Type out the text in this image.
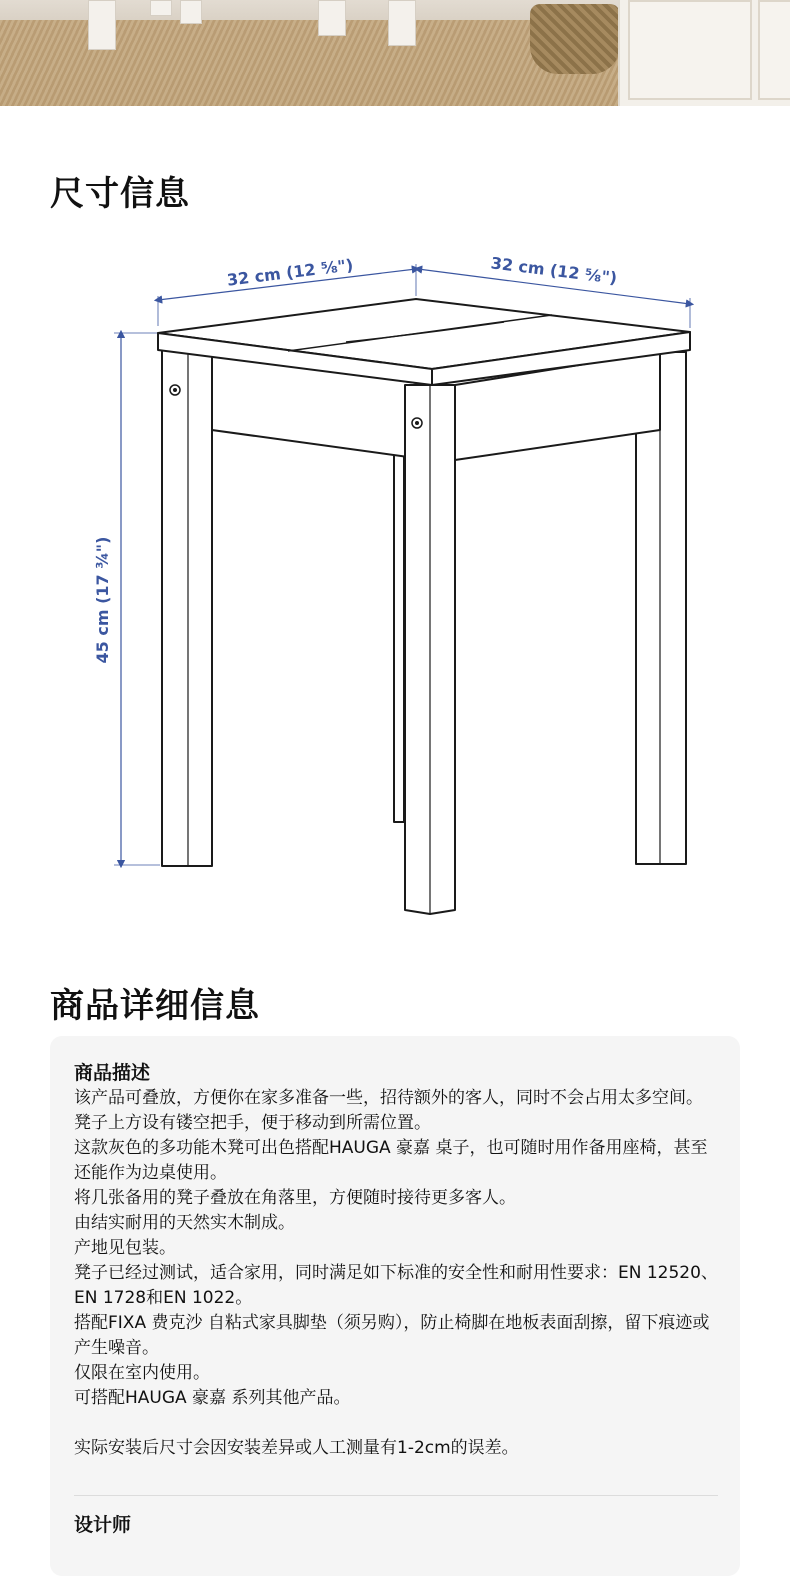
尺寸信息
32 cm (12 ⅝")	32 cm (12 ⅝")
45 cm (17 ¾")
商品详细信息
商品描述

该产品可叠放，方便你在家多准备一些，招待额外的客人，同时不会占用太多空间。

凳子上方设有镂空把手，便于移动到所需位置。

这款灰色的多功能木凳可出色搭配HAUGA 豪嘉 桌子，也可随时用作备用座椅，甚至还能作为边桌使用。

将几张备用的凳子叠放在角落里，方便随时接待更多客人。

由结实耐用的天然实木制成。

产地见包装。

凳子已经过测试，适合家用，同时满足如下标准的安全性和耐用性要求：EN 12520、EN 1728和EN 1022。

搭配FIXA 费克沙 自粘式家具脚垫（须另购），防止椅脚在地板表面刮擦，留下痕迹或产生噪音。

仅限在室内使用。

可搭配HAUGA 豪嘉 系列其他产品。

实际安装后尺寸会因安装差异或人工测量有1-2cm的误差。

设计师
